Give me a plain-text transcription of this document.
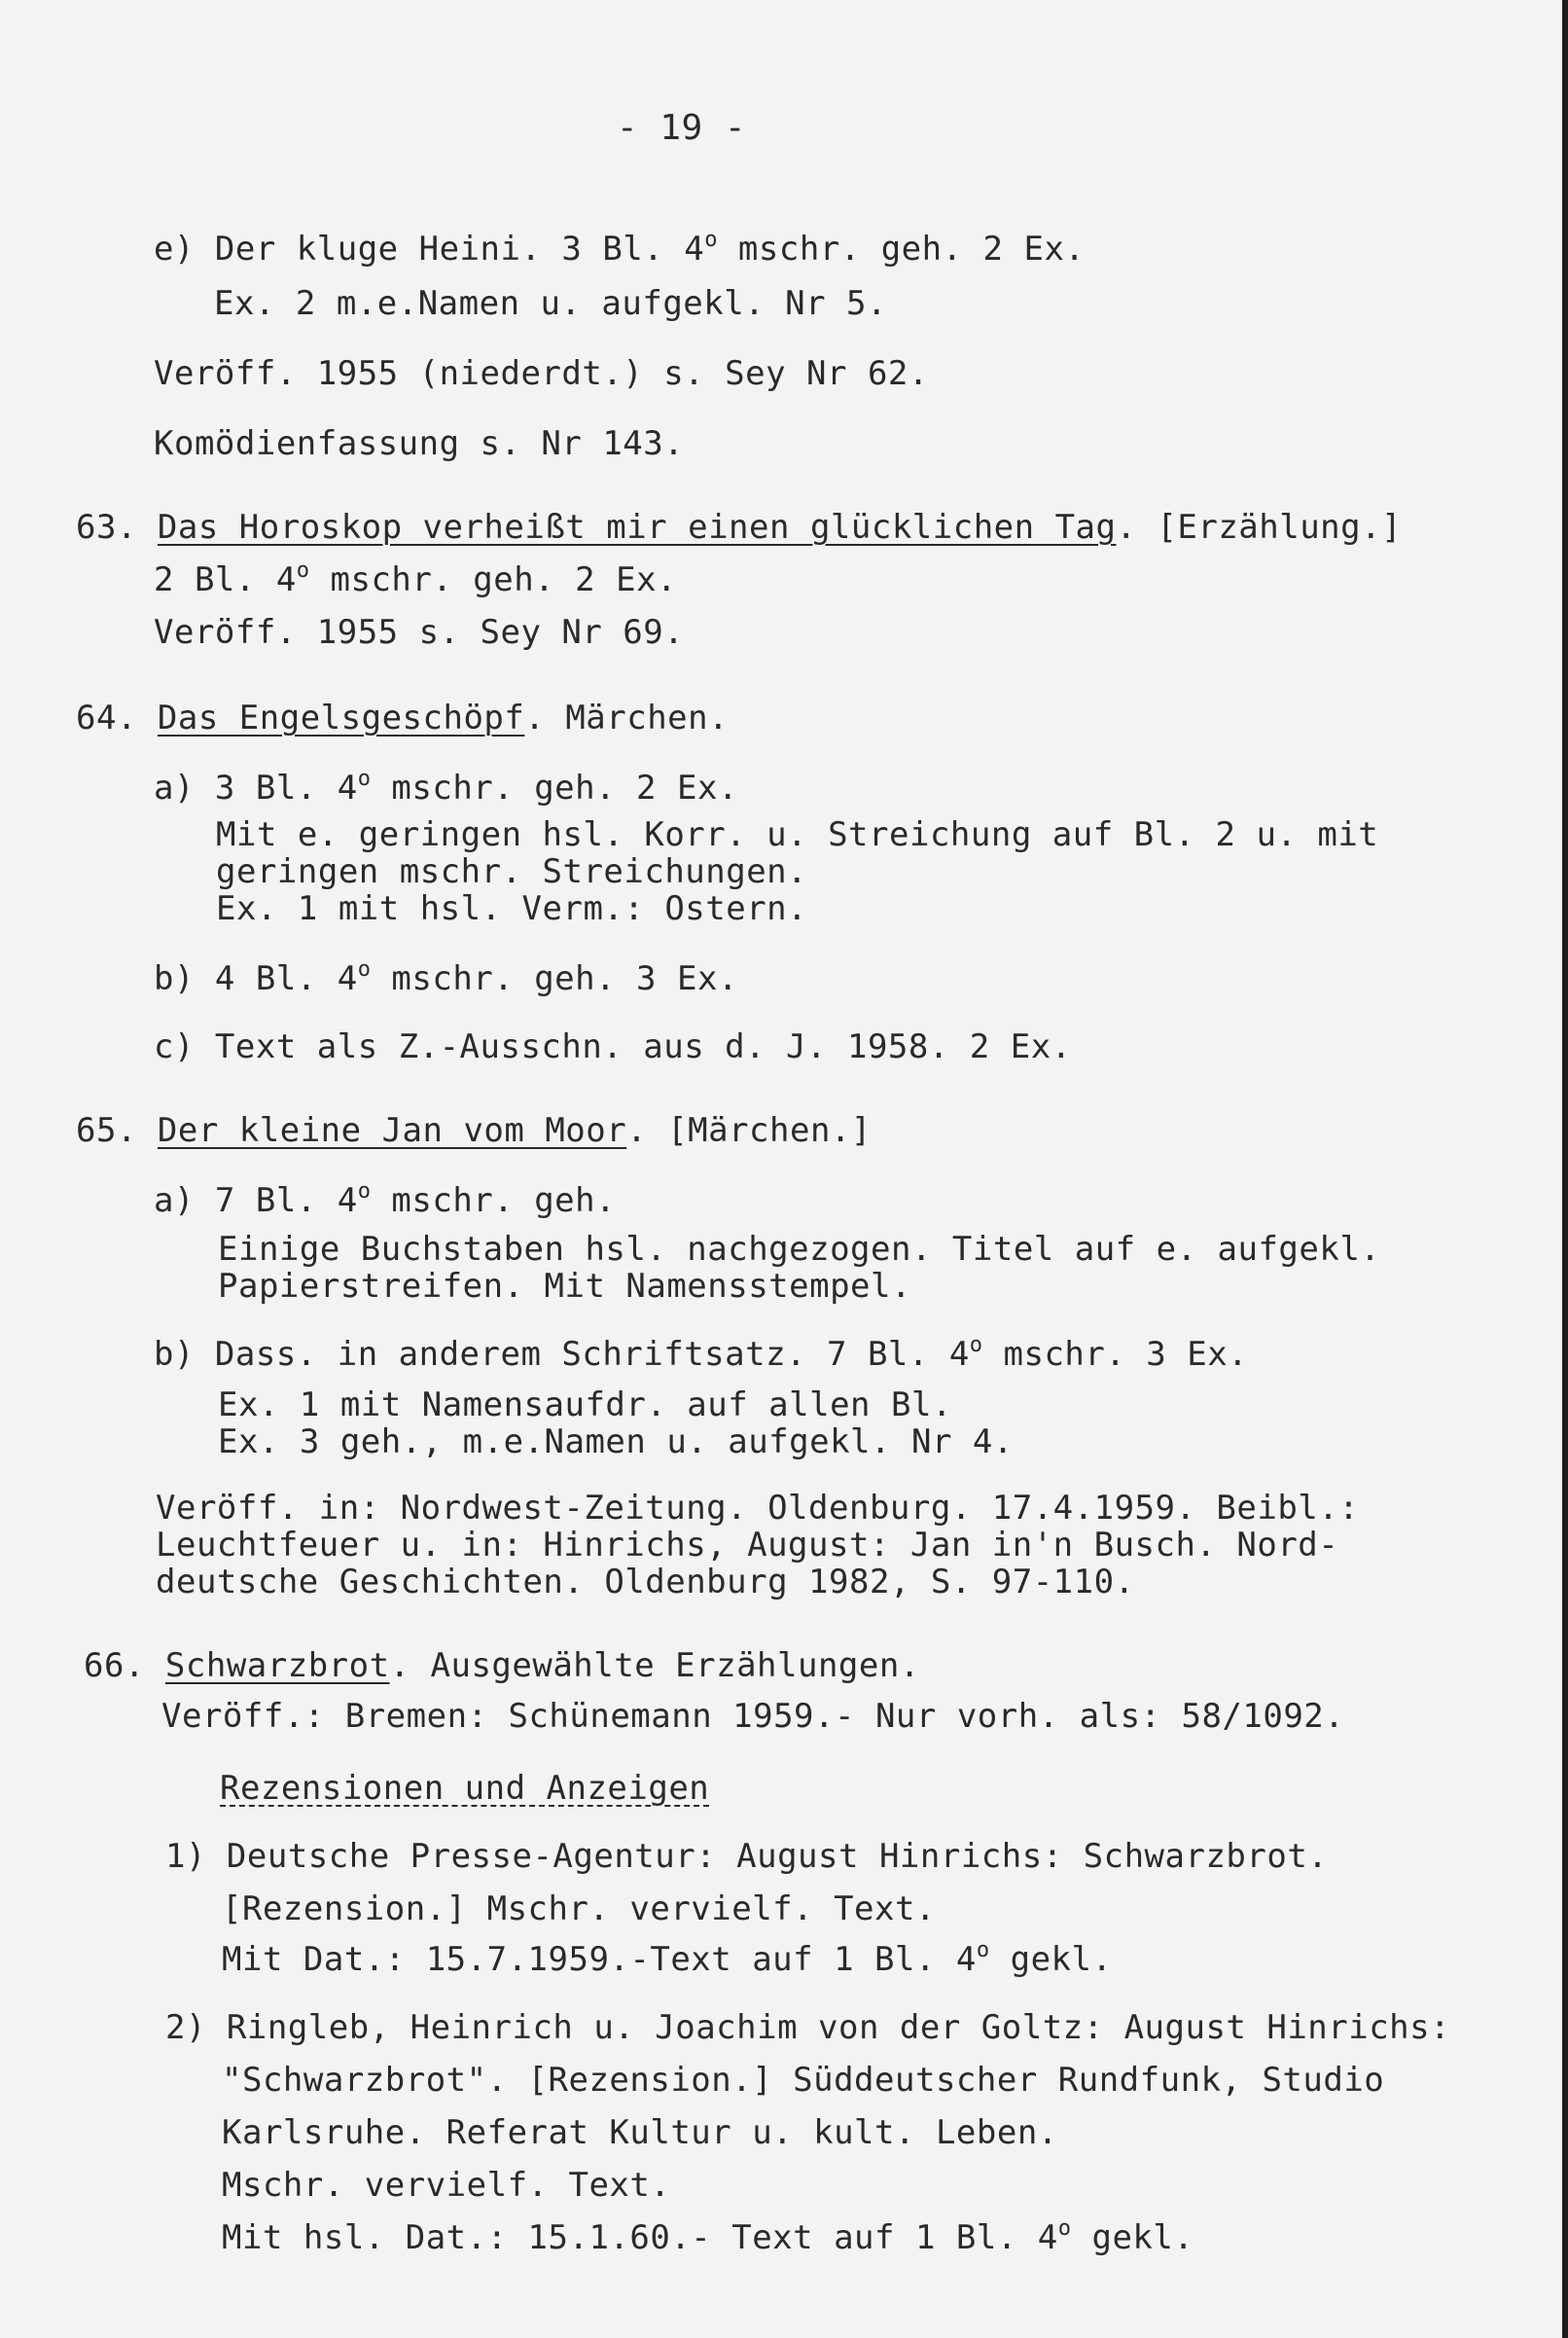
- 19 -
e) Der kluge Heini. 3 Bl. 4$^o$ mschr. geh. 2 Ex.
Ex. 2 m.e.Namen u. aufgekl. Nr 5.
Veröff. 1955 (niederdt.) s. Sey Nr 62.
Komödienfassung s. Nr 143.
63. Das Horoskop verheißt mir einen glücklichen Tag. [Erzählung.]
2 Bl. 4$^o$ mschr. geh. 2 Ex.
Veröff. 1955 s. Sey Nr 69.
64. Das Engelsgeschöpf. Märchen.
a) 3 Bl. 4$^o$ mschr. geh. 2 Ex.
Mit e. geringen hsl. Korr. u. Streichung auf Bl. 2 u. mit
geringen mschr. Streichungen.
Ex. 1 mit hsl. Verm.: Ostern.
b) 4 Bl. 4$^o$ mschr. geh. 3 Ex.
c) Text als Z.-Ausschn. aus d. J. 1958. 2 Ex.
65. Der kleine Jan vom Moor. [Märchen.]
a) 7 Bl. 4$^o$ mschr. geh.
Einige Buchstaben hsl. nachgezogen. Titel auf e. aufgekl.
Papierstreifen. Mit Namensstempel.
b) Dass. in anderem Schriftsatz. 7 Bl. 4$^o$ mschr. 3 Ex.
Ex. 1 mit Namensaufdr. auf allen Bl.
Ex. 3 geh., m.e.Namen u. aufgekl. Nr 4.
Veröff. in: Nordwest-Zeitung. Oldenburg. 17.4.1959. Beibl.:
Leuchtfeuer u. in: Hinrichs, August: Jan in'n Busch. Nord-
deutsche Geschichten. Oldenburg 1982, S. 97-110.
66. Schwarzbrot. Ausgewählte Erzählungen.
Veröff.: Bremen: Schünemann 1959.- Nur vorh. als: 58/1092.
Rezensionen und Anzeigen
1) Deutsche Presse-Agentur: August Hinrichs: Schwarzbrot.
[Rezension.] Mschr. vervielf. Text.
Mit Dat.: 15.7.1959.-Text auf 1 Bl. 4$^o$ gekl.
2) Ringleb, Heinrich u. Joachim von der Goltz: August Hinrichs:
"Schwarzbrot". [Rezension.] Süddeutscher Rundfunk, Studio
Karlsruhe. Referat Kultur u. kult. Leben.
Mschr. vervielf. Text.
Mit hsl. Dat.: 15.1.60.- Text auf 1 Bl. 4$^o$ gekl.
